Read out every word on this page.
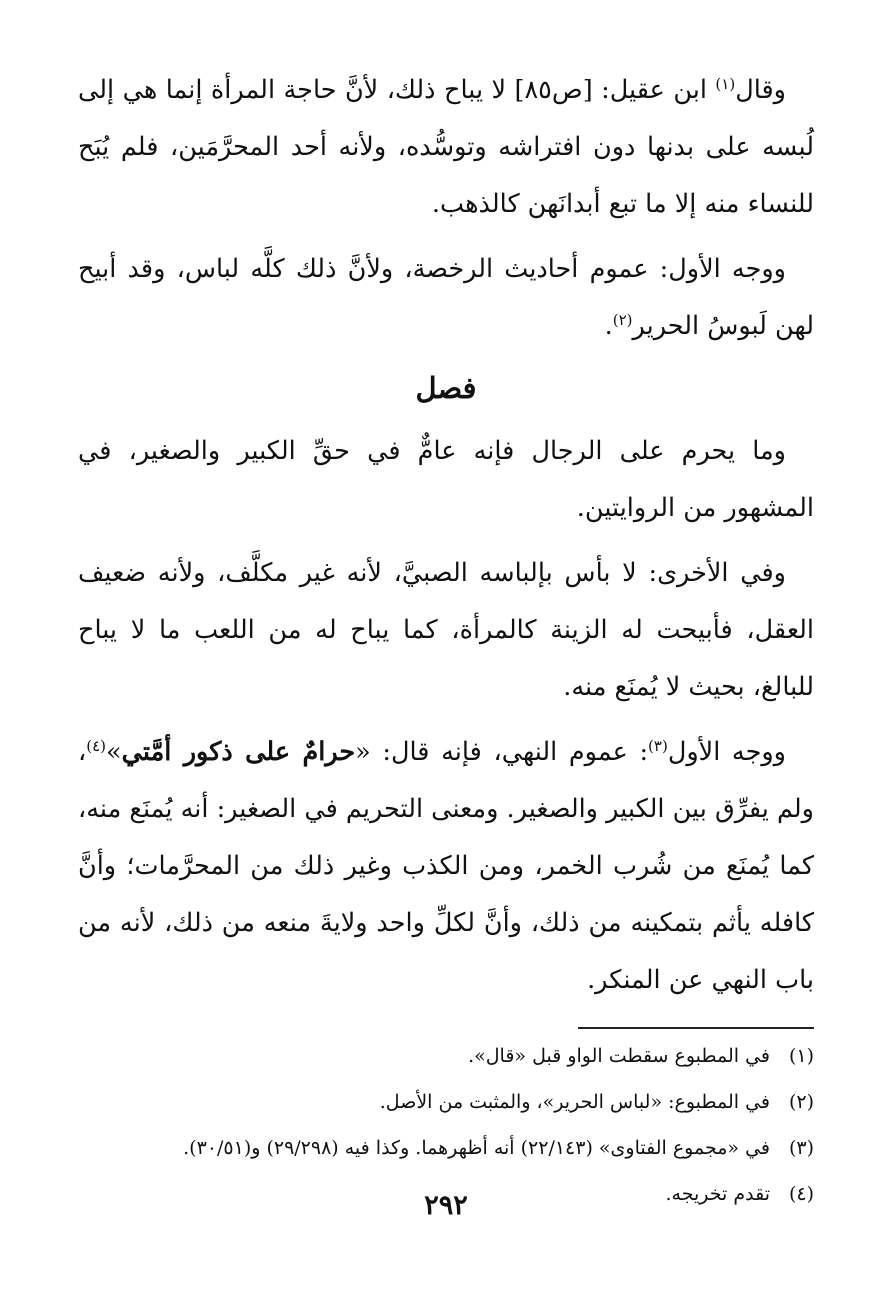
وقال$^{(١)}$ ابن عقيل: [ص٨٥] لا يباح ذلك، لأنَّ حاجة المرأة إنما هي إلى لُبسه على بدنها دون افتراشه وتوسُّده، ولأنه أحد المحرَّمَين، فلم يُبَح للنساء منه إلا ما تبع أبدانَهن كالذهب.

ووجه الأول: عموم أحاديث الرخصة، ولأنَّ ذلك كلَّه لباس، وقد أبيح لهن لَبوسُ الحرير$^{(٢)}$.

فصل

وما يحرم على الرجال فإنه عامٌّ في حقِّ الكبير والصغير، في المشهور من الروايتين.

وفي الأخرى: لا بأس بإلباسه الصبيَّ، لأنه غير مكلَّف، ولأنه ضعيف العقل، فأبيحت له الزينة كالمرأة، كما يباح له من اللعب ما لا يباح للبالغ، بحيث لا يُمنَع منه.

ووجه الأول$^{(٣)}$: عموم النهي، فإنه قال: «حرامٌ على ذكور أمَّتي»$^{(٤)}$، ولم يفرِّق بين الكبير والصغير. ومعنى التحريم في الصغير: أنه يُمنَع منه، كما يُمنَع من شُرب الخمر، ومن الكذب وغير ذلك من المحرَّمات؛ وأنَّ كافله يأثم بتمكينه من ذلك، وأنَّ لكلِّ واحد ولايةَ منعه من ذلك، لأنه من باب النهي عن المنكر.

(١)
في المطبوع سقطت الواو قبل «قال».
(٢)
في المطبوع: «لباس الحرير»، والمثبت من الأصل.
(٣)
في «مجموع الفتاوى» (٢٢/١٤٣) أنه أظهرهما. وكذا فيه (٢٩/٢٩٨) و(٣٠/٥١).
(٤)
تقدم تخريجه.
٢٩٢
